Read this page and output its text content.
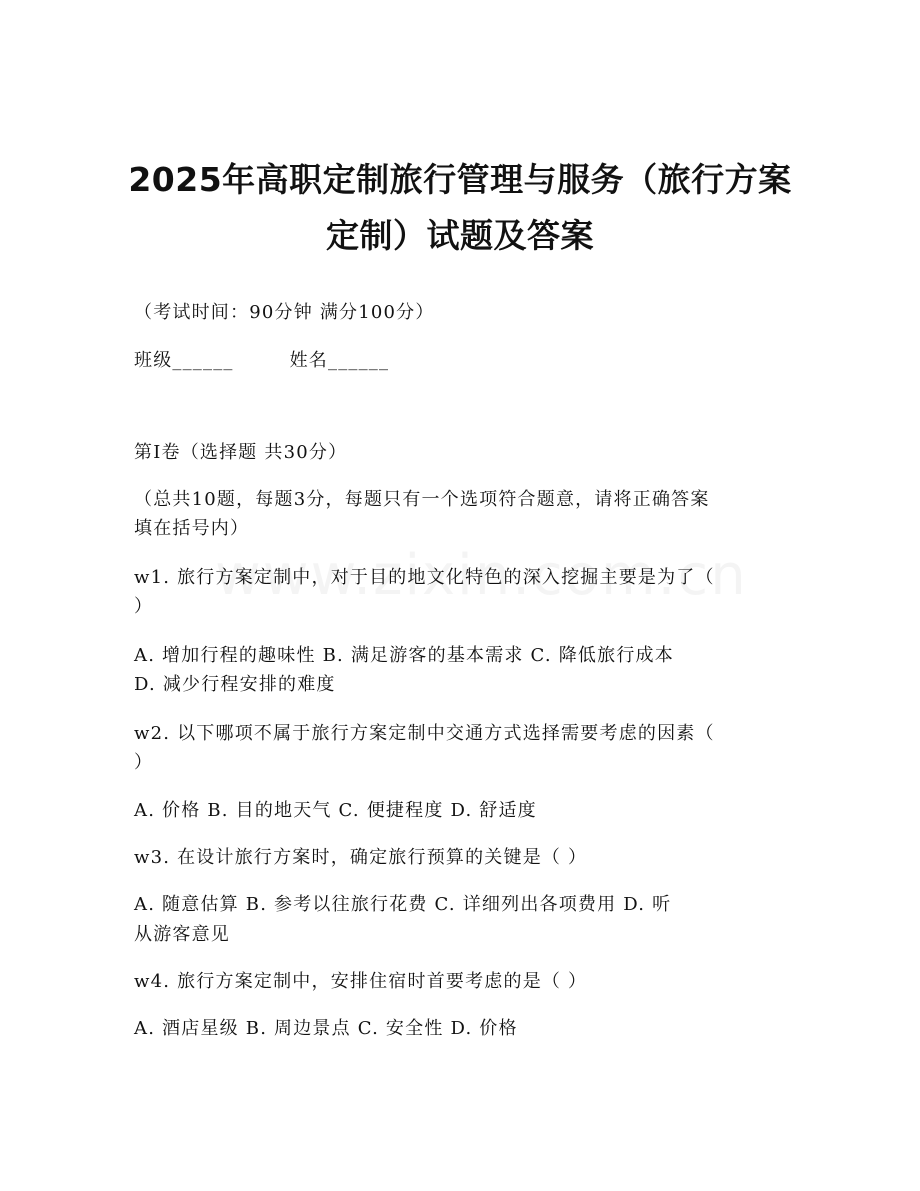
2025年高职定制旅行管理与服务（旅行方案
定制）试题及答案
（考试时间：90分钟 满分100分）
班级______	姓名______
第Ⅰ卷（选择题 共30分）
（总共10题，每题3分，每题只有一个选项符合题意，请将正确答案
填在括号内）
w1. 旅行方案定制中，对于目的地文化特色的深入挖掘主要是为了（
）
A. 增加行程的趣味性 B. 满足游客的基本需求 C. 降低旅行成本
D. 减少行程安排的难度
w2. 以下哪项不属于旅行方案定制中交通方式选择需要考虑的因素（
）
A. 价格 B. 目的地天气 C. 便捷程度 D. 舒适度
w3. 在设计旅行方案时，确定旅行预算的关键是（ ）
A. 随意估算 B. 参考以往旅行花费 C. 详细列出各项费用 D. 听
从游客意见
w4. 旅行方案定制中，安排住宿时首要考虑的是（ ）
A. 酒店星级 B. 周边景点 C. 安全性 D. 价格
